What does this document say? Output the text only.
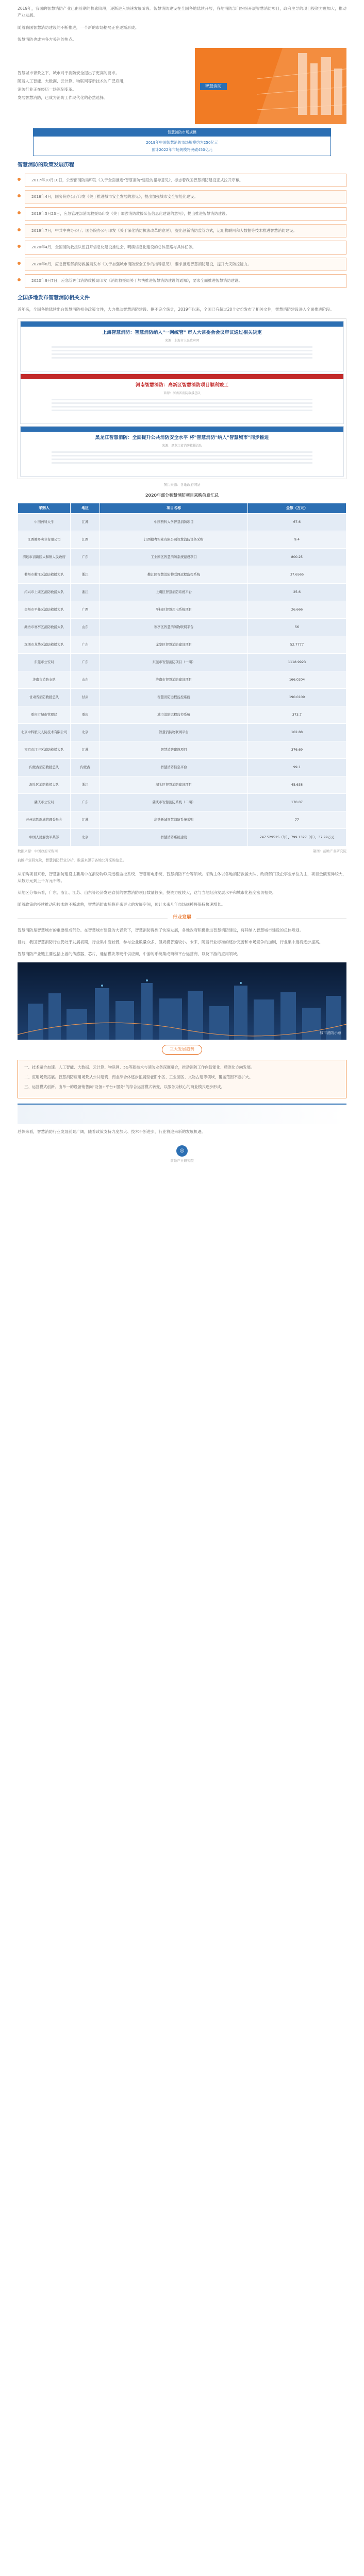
2019年，我国的智慧消防产业已由前期的探索阶段，逐渐进入快速发展阶段。智慧消防建设在全国各地陆续开展，各地消防部门纷纷开展智慧消防项目，政府主导的项目投资力度加大，推动产业发展。

随着我国智慧消防建设的不断推进，一个新的市场格局正在逐渐形成。

智慧消防也成为各方关注的焦点。

智慧城市背景之下，城市对于消防安全提出了更高的要求。

随着人工智能、大数据、云计算、物联网等新技术的广泛应用，

消防行业正在经历一场深刻变革。

发展智慧消防，已成为消防工作现代化的必然选择。

智慧消防
智慧消防市场规模
2019年中国智慧消防市场规模约为250亿元
预计2022年市场规模将突破450亿元
智慧消防的政策发展历程
2017年10月10日，公安部消防局印发《关于全面推进"智慧消防"建设的指导意见》，标志着我国智慧消防建设正式拉开序幕。
2018年4月，国务院办公厅印发《关于推进城市安全发展的意见》，提出加强城市安全智能化建设。
2019年5月23日，应急管理部消防救援局印发《关于加强消防救援队伍信息化建设的意见》，提出推进智慧消防建设。
2019年7月，中共中央办公厅、国务院办公厅印发《关于深化消防执法改革的意见》，提出创新消防监管方式，运用物联网和大数据等技术推进智慧消防建设。
2020年4月，全国消防救援队伍召开信息化建设推进会，明确信息化建设的总体思路与具体任务。
2020年8月，应急管理部消防救援局发布《关于加强城市消防安全工作的指导意见》，要求推进智慧消防建设，提升火灾防控能力。
2020年9月7日，应急管理部消防救援局印发《消防救援局关于加快推进智慧消防建设的通知》，要求全面推进智慧消防建设。
全国多地发布智慧消防相关文件

近年来，全国各地陆续出台智慧消防相关政策文件，大力推动智慧消防建设。据不完全统计，2019年以来，全国已有超过20个省份发布了相关文件，智慧消防建设进入全面推进阶段。

上海智慧消防：智慧消防纳入"一网统管" 市人大常委会会议审议通过相关决定
来源：上海市人民政府网
河南智慧消防：高新区智慧消防项目顺利竣工
来源：河南省消防救援总队
黑龙江智慧消防：全面提升公共消防安全水平 将"智慧消防"纳入"智慧城市"同步推进
来源：黑龙江省消防救援总队
图片来源：各地政府网站
2020年部分智慧消防项目采购信息汇总
采购人	地区	项目名称	金额（万元）
中国药科大学	江苏	中国药科大学智慧消防项目	67.6
江西赣粤实业有限公司	江西	江西赣粤实业有限公司智慧消防设备采购	9.4
清远市清新区太和镇人民政府	广东	工业园区智慧消防系统建设项目	800.25
衢州市衢江区消防救援大队	浙江	衢江区智慧消防物联网远程监控系统	37.6565
绍兴市上虞区消防救援大队	浙江	上虞区智慧消防系统平台	25.6
贺州市平桂区消防救援大队	广西	平桂区智慧用电系统项目	26.666
潍坊市寒亭区消防救援大队	山东	寒亭区智慧消防物联网平台	56
深圳市龙华区消防救援大队	广东	龙华区智慧消防建设项目	52.7777
东莞市公安局	广东	东莞市智慧消防项目（一期）	1118.9923
济南市消防支队	山东	济南市智慧消防建设项目	166.0204
甘肃省消防救援总队	甘肃	智慧消防远程监控系统	190.0109
重庆市城市管理局	重庆	城市消防远程监控系统	373.7
北京中科航天人防技术有限公司	北京	智慧消防物联网平台	102.88
南京市江宁区消防救援大队	江苏	智慧消防建设项目	376.69
内蒙古消防救援总队	内蒙古	智慧消防信息平台	99.1
洞头区消防救援大队	浙江	洞头区智慧消防建设项目	45.638
肇庆市公安局	广东	肇庆市智慧消防系统（二期）	170.07
苏州高铁新城管理委员会	江苏	高铁新城智慧消防系统采购	77
中国人民解放军某部	北京	智慧消防系统建设	747.529525（年）、799.1327（年）、37.99万元
数据来源：中国政府采购网	制图：前瞻产业研究院
前瞻产业研究院，智慧消防行业分析，数据来源于各地公开采购信息。

从采购项目来看，智慧消防建设主要集中在消防物联网远程监控系统、智慧用电系统、智慧消防平台等领域。采购主体以各地消防救援大队、政府部门及企事业单位为主，项目金额差异较大，从数万元到上千万元不等。

从地区分布来看，广东、浙江、江苏、山东等经济发达省份的智慧消防项目数量较多，投资力度较大，这与当地经济发展水平和城市化程度密切相关。

随着政策的持续推动和技术的不断成熟，智慧消防市场将迎来更大的发展空间，预计未来几年市场规模将保持快速增长。

行业发展

智慧消防是智慧城市的重要组成部分。在智慧城市建设的大背景下，智慧消防得到了快速发展，各地政府积极推进智慧消防建设，将其纳入智慧城市建设的总体规划。

目前，我国智慧消防行业仍处于发展初期，行业集中度较低，参与企业数量众多，但规模普遍较小。未来，随着行业标准的逐步完善和市场竞争的加剧，行业集中度将逐步提高。

智慧消防产业链主要包括上游的传感器、芯片、通信模块等硬件供应商，中游的系统集成商和平台运营商，以及下游的应用领域。

城市消防示意
三大发展趋势

一、技术融合加速。人工智能、大数据、云计算、物联网、5G等新技术与消防业务深度融合，推动消防工作向智能化、精准化方向发展。

二、应用场景拓展。智慧消防应用场景从公共建筑、商业综合体逐步拓展至老旧小区、工业园区、文物古建等领域，覆盖范围不断扩大。

三、运营模式创新。由单一的设备销售向"设备+平台+服务"的综合运营模式转变，以服务为核心的商业模式逐步形成。

总体来看，智慧消防行业发展前景广阔，随着政策支持力度加大、技术不断进步，行业将迎来新的发展机遇。

◎
前瞻产业研究院
